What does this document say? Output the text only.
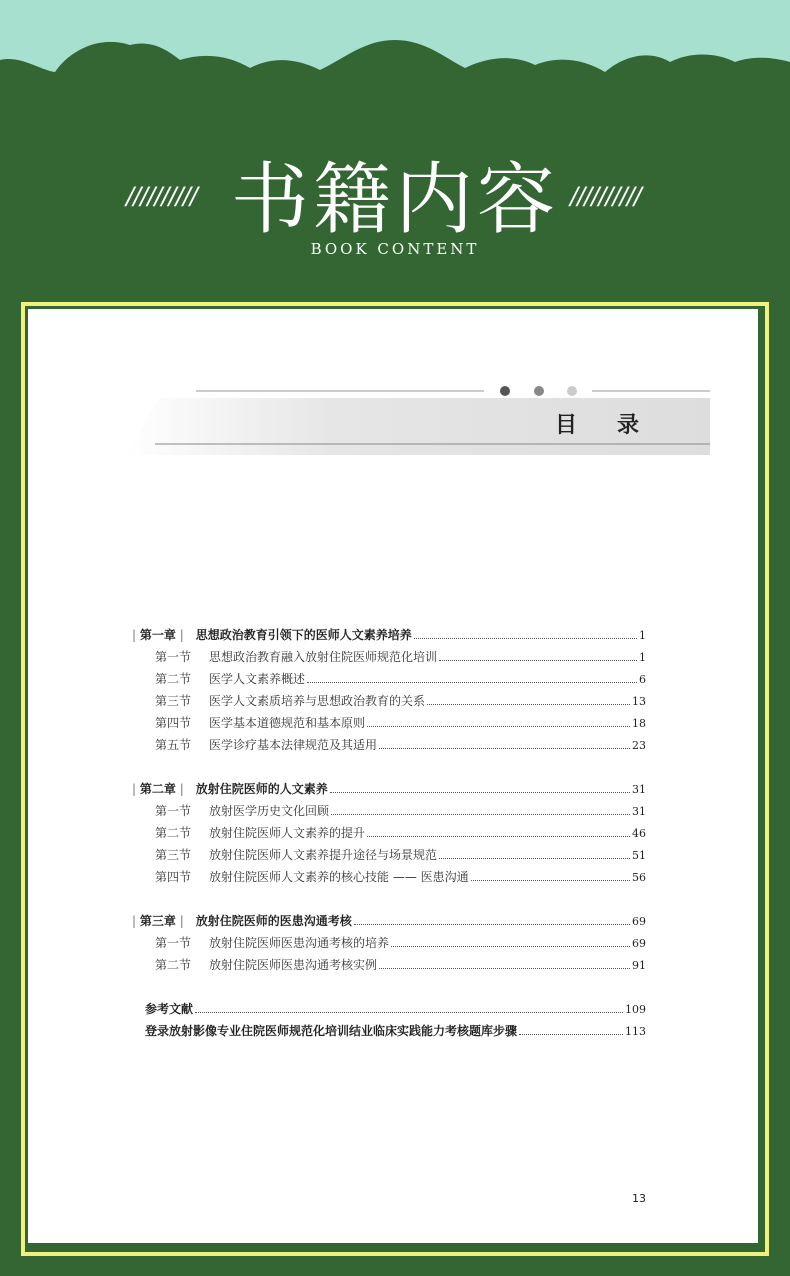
//////////	//////////
书籍内容
BOOK CONTENT
目录
| 第一章 | 思想政治教育引领下的医师人文素养培养	1
第一节	思想政治教育融入放射住院医师规范化培训	1
第二节	医学人文素养概述	6
第三节	医学人文素质培养与思想政治教育的关系	13
第四节	医学基本道德规范和基本原则	18
第五节	医学诊疗基本法律规范及其适用	23
| 第二章 | 放射住院医师的人文素养	31
第一节	放射医学历史文化回顾	31
第二节	放射住院医师人文素养的提升	46
第三节	放射住院医师人文素养提升途径与场景规范	51
第四节	放射住院医师人文素养的核心技能 —— 医患沟通	56
| 第三章 | 放射住院医师的医患沟通考核	69
第一节	放射住院医师医患沟通考核的培养	69
第二节	放射住院医师医患沟通考核实例	91
参考文献	109
登录放射影像专业住院医师规范化培训结业临床实践能力考核题库步骤	113
13
